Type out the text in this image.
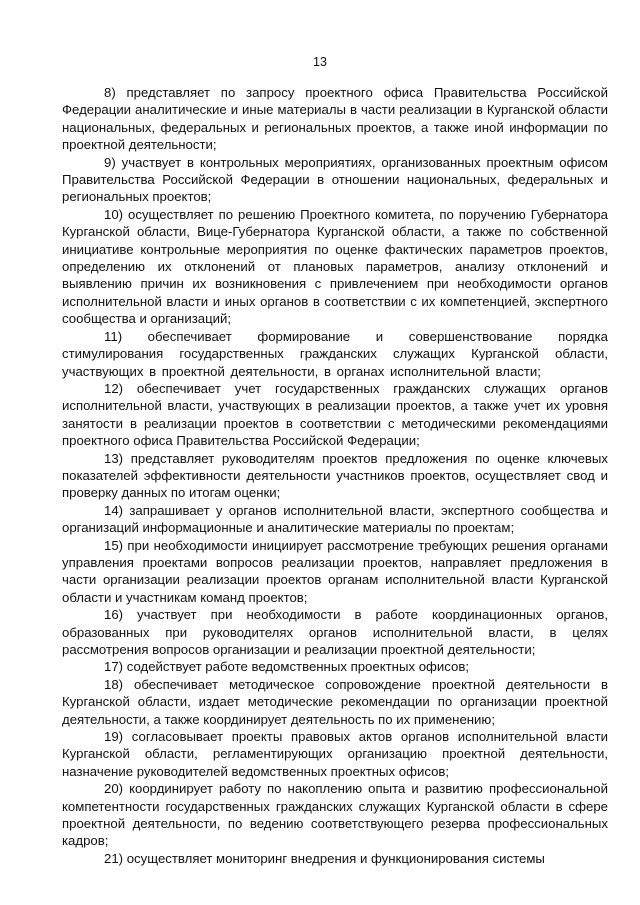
13

8) представляет по запросу проектного офиса Правительства Российской Федерации аналитические и иные материалы в части реализации в Курганской области национальных, федеральных и региональных проектов, а также иной информации по проектной деятельности;

9) участвует в контрольных мероприятиях, организованных проектным офисом Правительства Российской Федерации в отношении национальных, федеральных и региональных проектов;

10) осуществляет по решению Проектного комитета, по поручению Губернатора Курганской области, Вице-Губернатора Курганской области, а также по собственной инициативе контрольные мероприятия по оценке фактических параметров проектов, определению их отклонений от плановых параметров, анализу отклонений и выявлению причин их возникновения с привлечением при необходимости органов исполнительной власти и иных органов в соответствии с их компетенцией, экспертного сообщества и организаций;

11) обеспечивает формирование и совершенствование порядка стимулирования государственных гражданских служащих Курганской области, участвующих в проектной деятельности, в органах исполнительной власти;

12) обеспечивает учет государственных гражданских служащих органов исполнительной власти, участвующих в реализации проектов, а также учет их уровня занятости в реализации проектов в соответствии с методическими рекомендациями проектного офиса Правительства Российской Федерации;

13) представляет руководителям проектов предложения по оценке ключевых показателей эффективности деятельности участников проектов, осуществляет свод и проверку данных по итогам оценки;

14) запрашивает у органов исполнительной власти, экспертного сообщества и организаций информационные и аналитические материалы по проектам;

15) при необходимости инициирует рассмотрение требующих решения органами управления проектами вопросов реализации проектов, направляет предложения в части организации реализации проектов органам исполнительной власти Курганской области и участникам команд проектов;

16) участвует при необходимости в работе координационных органов, образованных при руководителях органов исполнительной власти, в целях рассмотрения вопросов организации и реализации проектной деятельности;

17) содействует работе ведомственных проектных офисов;

18) обеспечивает методическое сопровождение проектной деятельности в Курганской области, издает методические рекомендации по организации проектной деятельности, а также координирует деятельность по их применению;

19) согласовывает проекты правовых актов органов исполнительной власти Курганской области, регламентирующих организацию проектной деятельности, назначение руководителей ведомственных проектных офисов;

20) координирует работу по накоплению опыта и развитию профессиональной компетентности государственных гражданских служащих Курганской области в сфере проектной деятельности, по ведению соответствующего резерва профессиональных кадров;

21) осуществляет мониторинг внедрения и функционирования системы
